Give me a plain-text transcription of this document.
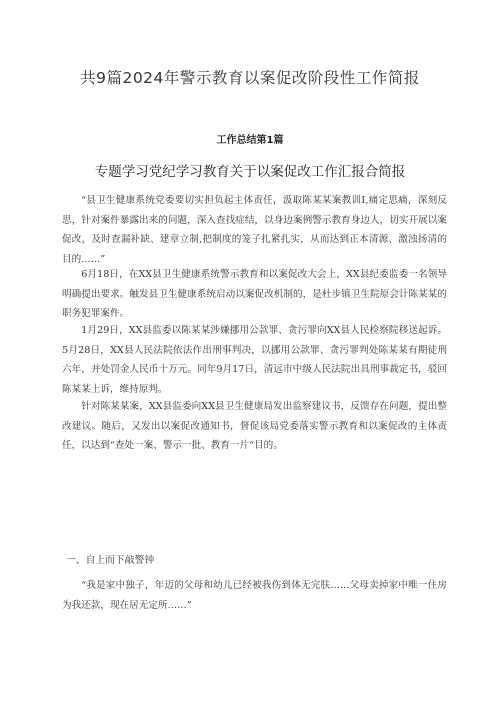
共9篇2024年警示教育以案促改阶段性工作简报
工作总结第1篇
专题学习党纪学习教育关于以案促改工作汇报合简报

“县卫生健康系统党委要切实担负起主体责任，汲取陈某某案教训Ⅰ,痛定思痛，深刻反思，针对案件暴露出来的问题，深入查找症结，以身边案例警示教育身边人，切实开展以案促改，及时查漏补缺、建章立制,把制度的笼子扎紧扎实，从而达到正本清源、激浊扬清的目的……”

6月18日，在XX县卫生健康系统警示教育和以案促改大会上，XX县纪委监委一名领导明确提出要求。触发县卫生健康系统启动以案促改机制的，是杜步镇卫生院原会计陈某某的职务犯罪案件。

1月29日，XX县监委以陈某某涉嫌挪用公款罪、贪污罪向XX县人民检察院移送起诉。5月28日，XX县人民法院依法作出刑事判决，以挪用公款罪、贪污罪判处陈某某有期徒刑六年，并处罚金人民币十万元。同年9月17日，清远市中级人民法院出具刑事裁定书，驳回陈某某上诉，维持原判。

针对陈某某案，XX县监委向XX县卫生健康局发出监察建议书，反馈存在问题，提出整改建议。随后，又发出以案促改通知书，督促该局党委落实警示教育和以案促改的主体责任，以达到“查处一案、警示一批、教育一片“目的。

一、自上而下敲警钟

“我是家中独子，年迈的父母和幼儿已经被我伤到体无完肤……父母卖掉家中唯一住房为我还款，现在居无定所……”
